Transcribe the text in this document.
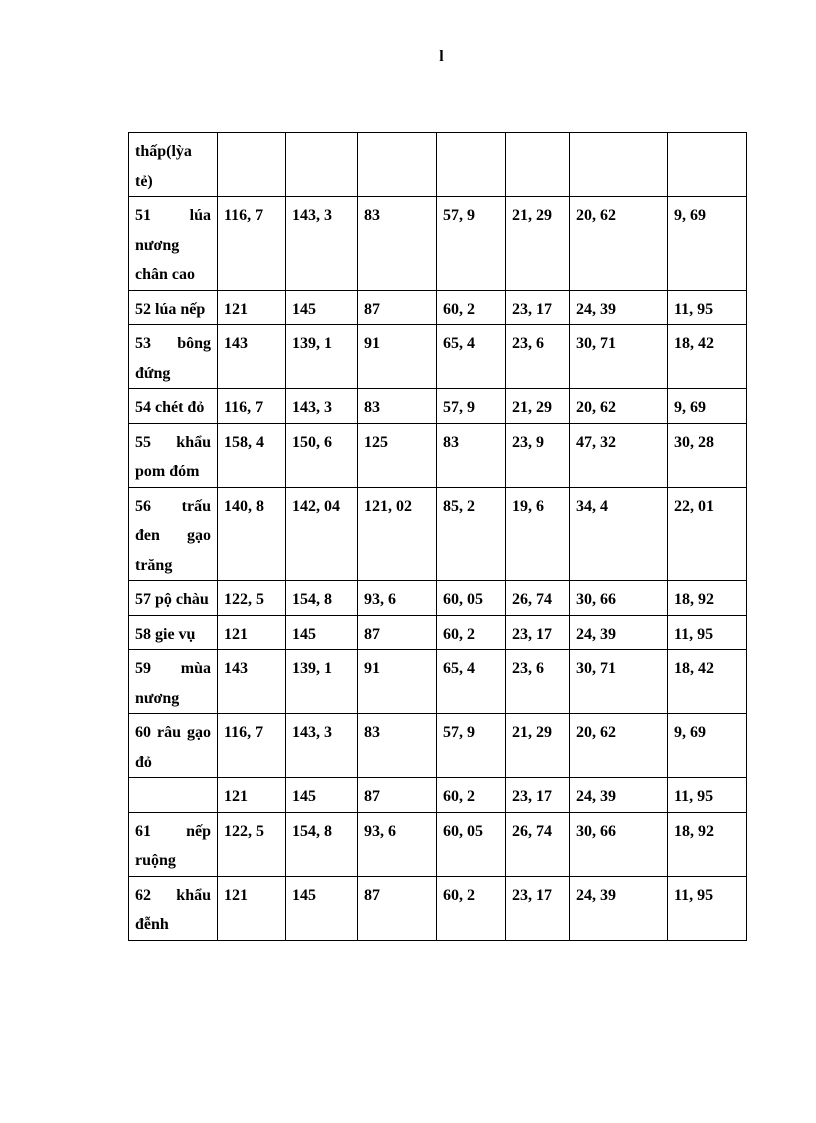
l
thấp(lỳa tẻ)							
51 lúa nương chân cao	116, 7	143, 3	83	57, 9	21, 29	20, 62	9, 69
52 lúa nếp	121	145	87	60, 2	23, 17	24, 39	11, 95
53 bông đứng	143	139, 1	91	65, 4	23, 6	30, 71	18, 42
54 chét đỏ	116, 7	143, 3	83	57, 9	21, 29	20, 62	9, 69
55 khẩu pom đóm	158, 4	150, 6	125	83	23, 9	47, 32	30, 28
56 trấu đen gạo trăng	140, 8	142, 04	121, 02	85, 2	19, 6	34, 4	22, 01
57 pộ chàu	122, 5	154, 8	93, 6	60, 05	26, 74	30, 66	18, 92
58 gie vụ	121	145	87	60, 2	23, 17	24, 39	11, 95
59 mùa nương	143	139, 1	91	65, 4	23, 6	30, 71	18, 42
60 râu gạo đỏ	116, 7	143, 3	83	57, 9	21, 29	20, 62	9, 69
	121	145	87	60, 2	23, 17	24, 39	11, 95
61 nếp ruộng	122, 5	154, 8	93, 6	60, 05	26, 74	30, 66	18, 92
62 khẩu đễnh	121	145	87	60, 2	23, 17	24, 39	11, 95
